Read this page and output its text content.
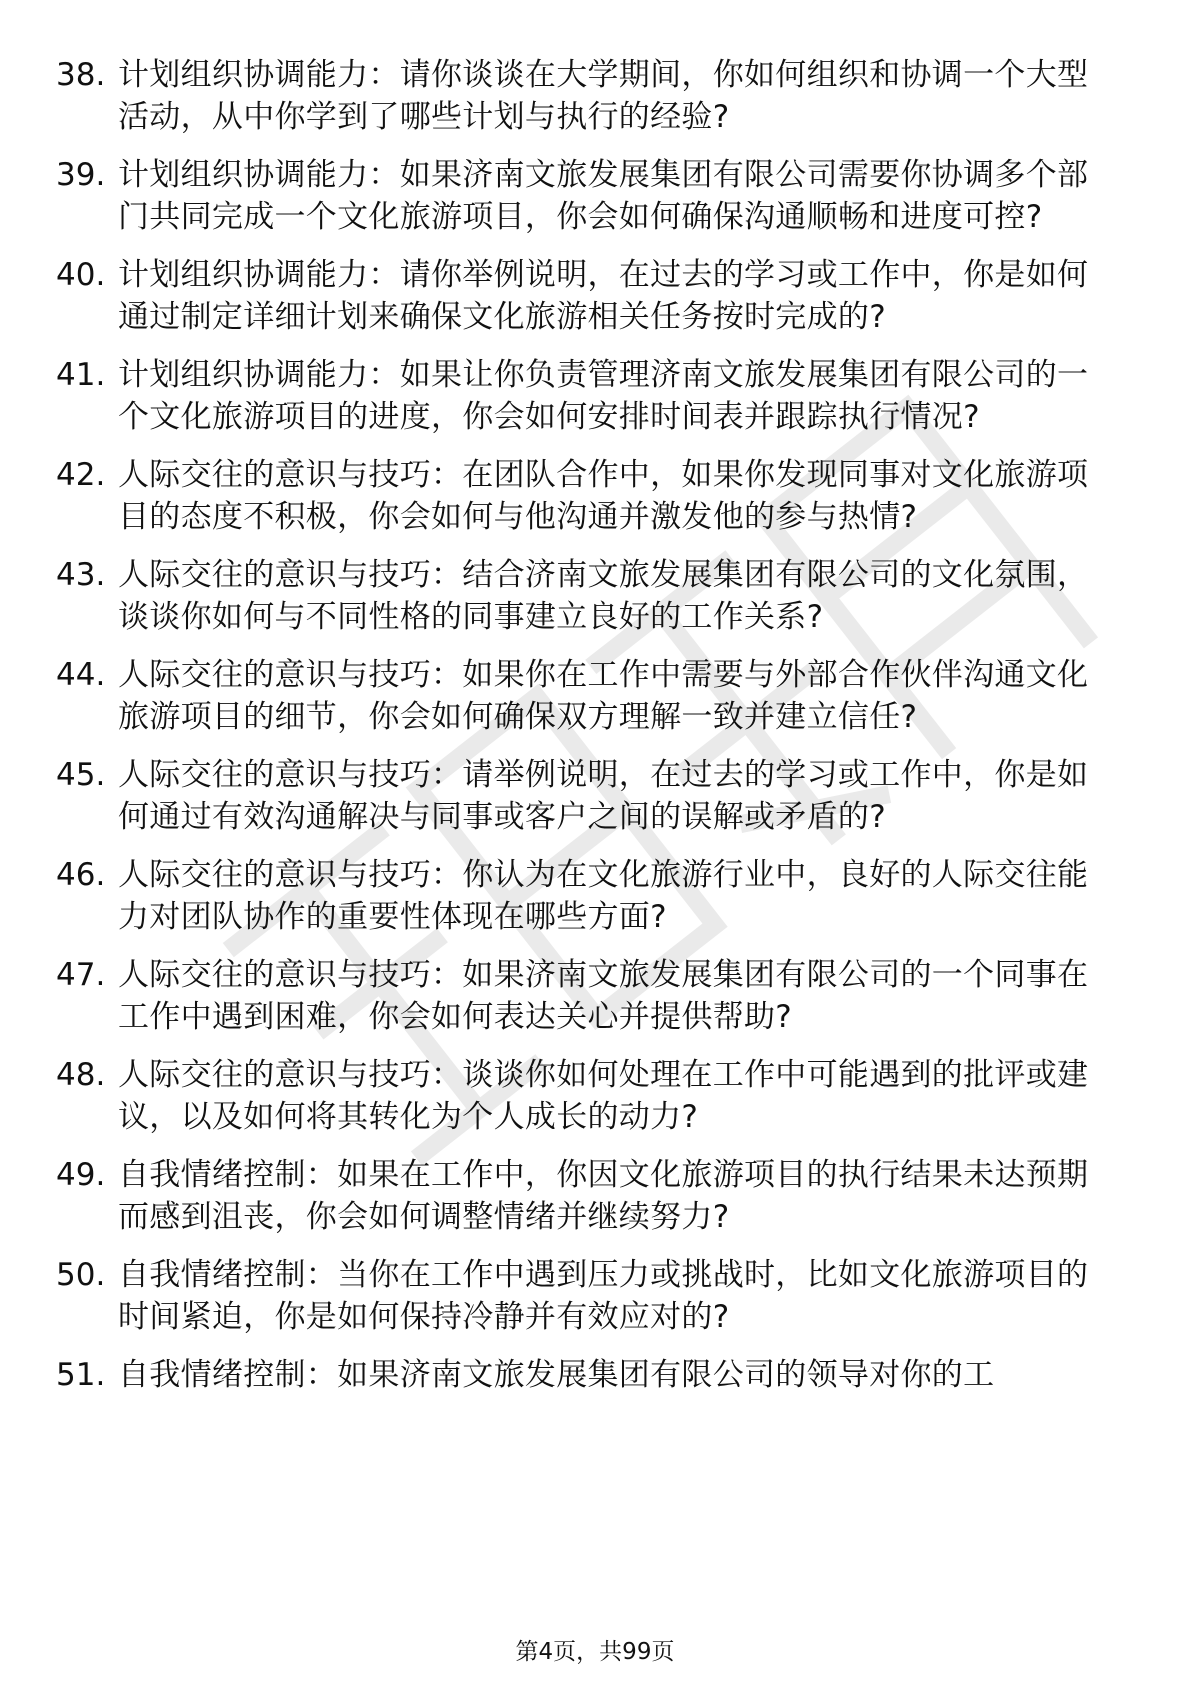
38. 计划组织协调能力：请你谈谈在大学期间，你如何组织和协调一个大型活动，从中你学到了哪些计划与执行的经验?
39. 计划组织协调能力：如果济南文旅发展集团有限公司需要你协调多个部门共同完成一个文化旅游项目，你会如何确保沟通顺畅和进度可控?
40. 计划组织协调能力：请你举例说明，在过去的学习或工作中，你是如何通过制定详细计划来确保文化旅游相关任务按时完成的?
41. 计划组织协调能力：如果让你负责管理济南文旅发展集团有限公司的一个文化旅游项目的进度，你会如何安排时间表并跟踪执行情况?
42. 人际交往的意识与技巧：在团队合作中，如果你发现同事对文化旅游项目的态度不积极，你会如何与他沟通并激发他的参与热情?
43. 人际交往的意识与技巧：结合济南文旅发展集团有限公司的文化氛围，谈谈你如何与不同性格的同事建立良好的工作关系?
44. 人际交往的意识与技巧：如果你在工作中需要与外部合作伙伴沟通文化旅游项目的细节，你会如何确保双方理解一致并建立信任?
45. 人际交往的意识与技巧：请举例说明，在过去的学习或工作中，你是如何通过有效沟通解决与同事或客户之间的误解或矛盾的?
46. 人际交往的意识与技巧：你认为在文化旅游行业中，良好的人际交往能力对团队协作的重要性体现在哪些方面?
47. 人际交往的意识与技巧：如果济南文旅发展集团有限公司的一个同事在工作中遇到困难，你会如何表达关心并提供帮助?
48. 人际交往的意识与技巧：谈谈你如何处理在工作中可能遇到的批评或建议，以及如何将其转化为个人成长的动力?
49. 自我情绪控制：如果在工作中，你因文化旅游项目的执行结果未达预期而感到沮丧，你会如何调整情绪并继续努力?
50. 自我情绪控制：当你在工作中遇到压力或挑战时，比如文化旅游项目的时间紧迫，你是如何保持冷静并有效应对的?
51. 自我情绪控制：如果济南文旅发展集团有限公司的领导对你的工
第4页，共99页
